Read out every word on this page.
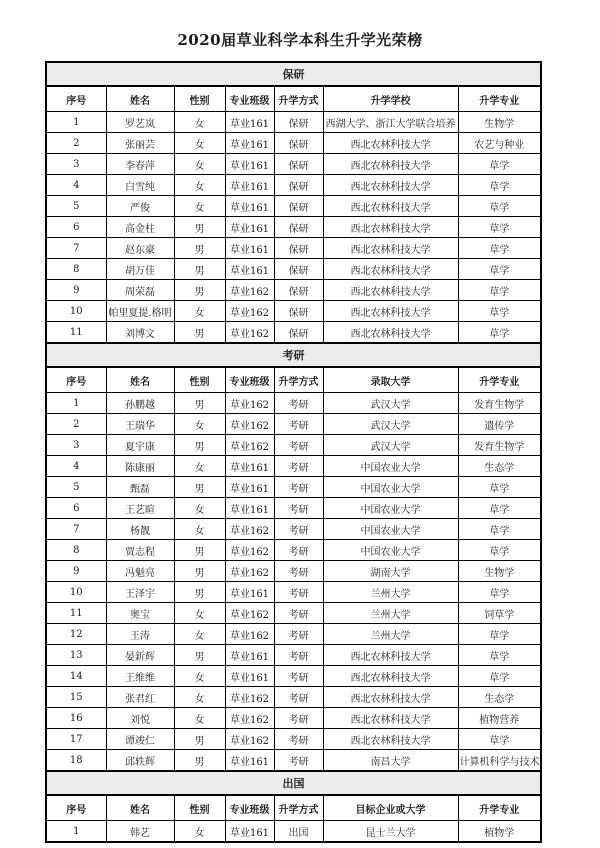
2020届草业科学本科生升学光荣榜
保研						
序号	姓名	性别	专业班级	升学方式	升学学校	升学专业
1	罗艺岚	女	草业161	保研	西湖大学、浙江大学联合培养	生物学
2	张丽芸	女	草业161	保研	西北农林科技大学	农艺与种业
3	李春萍	女	草业161	保研	西北农林科技大学	草学
4	白雪纯	女	草业161	保研	西北农林科技大学	草学
5	严俊	女	草业161	保研	西北农林科技大学	草学
6	高金柱	男	草业161	保研	西北农林科技大学	草学
7	赵东豪	男	草业161	保研	西北农林科技大学	草学
8	胡万佳	男	草业161	保研	西北农林科技大学	草学
9	周荣磊	男	草业162	保研	西北农林科技大学	草学
10	帕里夏提.格明	女	草业162	保研	西北农林科技大学	草学
11	刘博文	男	草业162	保研	西北农林科技大学	草学
考研						
序号	姓名	性别	专业班级	升学方式	录取大学	升学专业
1	孙鹏越	男	草业162	考研	武汉大学	发育生物学
2	王瑞华	女	草业162	考研	武汉大学	遗传学
3	夏宇康	男	草业162	考研	武汉大学	发育生物学
4	陈康丽	女	草业161	考研	中国农业大学	生态学
5	甄磊	男	草业161	考研	中国农业大学	草学
6	王艺暄	女	草业161	考研	中国农业大学	草学
7	杨靓	女	草业162	考研	中国农业大学	草学
8	贾志程	男	草业162	考研	中国农业大学	草学
9	冯魁亮	男	草业162	考研	湖南大学	生物学
10	王泽宇	男	草业161	考研	兰州大学	草学
11	奥宝	女	草业162	考研	兰州大学	饲草学
12	王涛	女	草业162	考研	兰州大学	草学
13	晏釿辉	男	草业161	考研	西北农林科技大学	草学
14	王维维	女	草业161	考研	西北农林科技大学	草学
15	张君红	女	草业162	考研	西北农林科技大学	生态学
16	刘悦	女	草业162	考研	西北农林科技大学	植物营养
17	谭竣仁	男	草业162	考研	西北农林科技大学	草学
18	邱轶辉	男	草业161	考研	南昌大学	计算机科学与技术
出国						
序号	姓名	性别	专业班级	升学方式	目标企业或大学	升学专业
1	韩艺	女	草业161	出国	昆士兰大学	植物学
